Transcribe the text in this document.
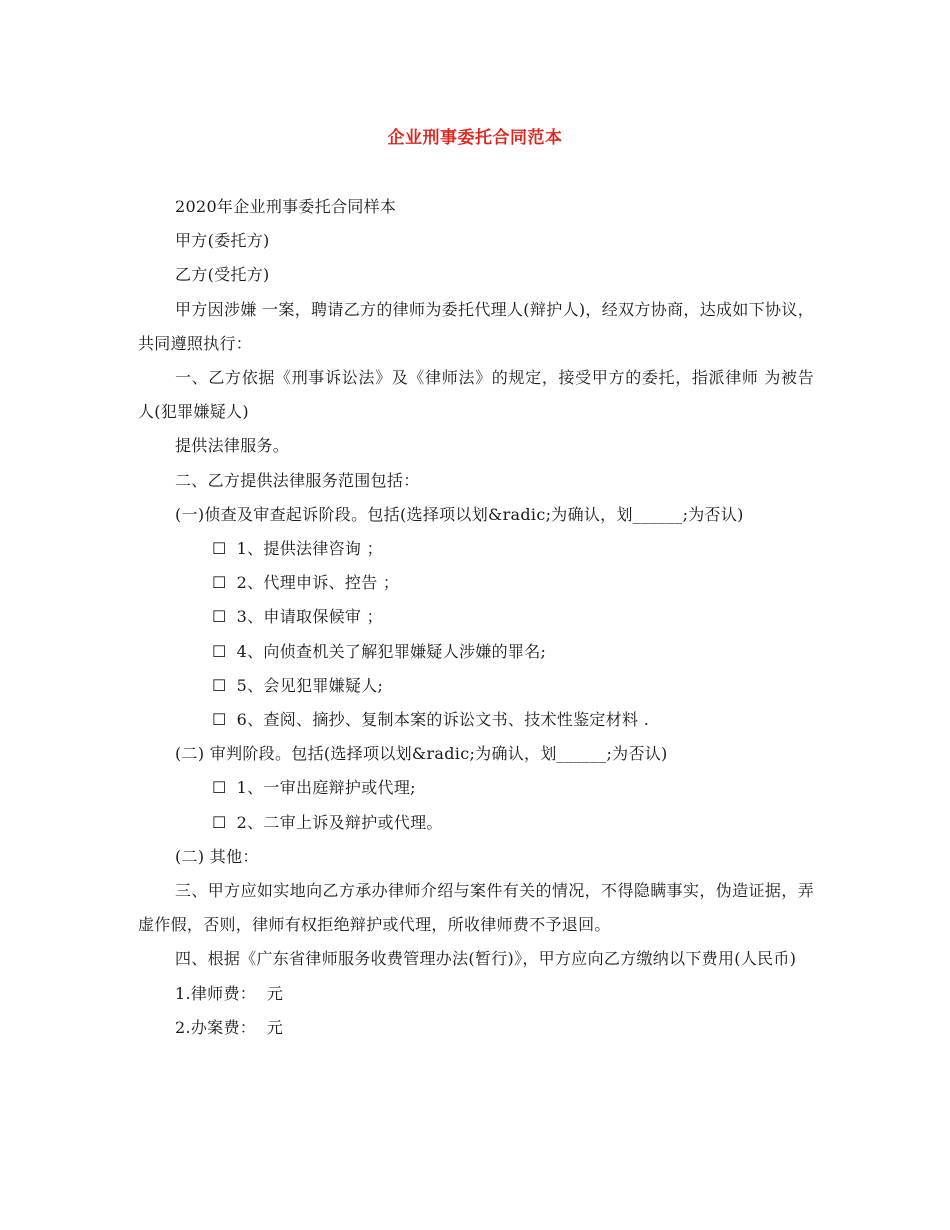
企业刑事委托合同范本

2020年企业刑事委托合同样本

甲方(委托方)

乙方(受托方)

甲方因涉嫌 一案，聘请乙方的律师为委托代理人(辩护人)，经双方协商，达成如下协议，共同遵照执行：

一、乙方依据《刑事诉讼法》及《律师法》的规定，接受甲方的委托，指派律师 为被告人(犯罪嫌疑人)

提供法律服务。

二、乙方提供法律服务范围包括：

(一)侦查及审查起诉阶段。包括(选择项以划&radic;为确认，划______;为否认)

☐ 1、提供法律咨询 ；

☐ 2、代理申诉、控告 ；

☐ 3、申请取保候审 ；

☐ 4、向侦查机关了解犯罪嫌疑人涉嫌的罪名;

☐ 5、会见犯罪嫌疑人;

☐ 6、查阅、摘抄、复制本案的诉讼文书、技术性鉴定材料 .

(二) 审判阶段。包括(选择项以划&radic;为确认，划______;为否认)

☐ 1、一审出庭辩护或代理;

☐ 2、二审上诉及辩护或代理。

(二) 其他：

三、甲方应如实地向乙方承办律师介绍与案件有关的情况，不得隐瞒事实，伪造证据，弄虚作假，否则，律师有权拒绝辩护或代理，所收律师费不予退回。

四、根据《广东省律师服务收费管理办法(暂行)》，甲方应向乙方缴纳以下费用(人民币)

1.律师费：  元

2.办案费：  元
